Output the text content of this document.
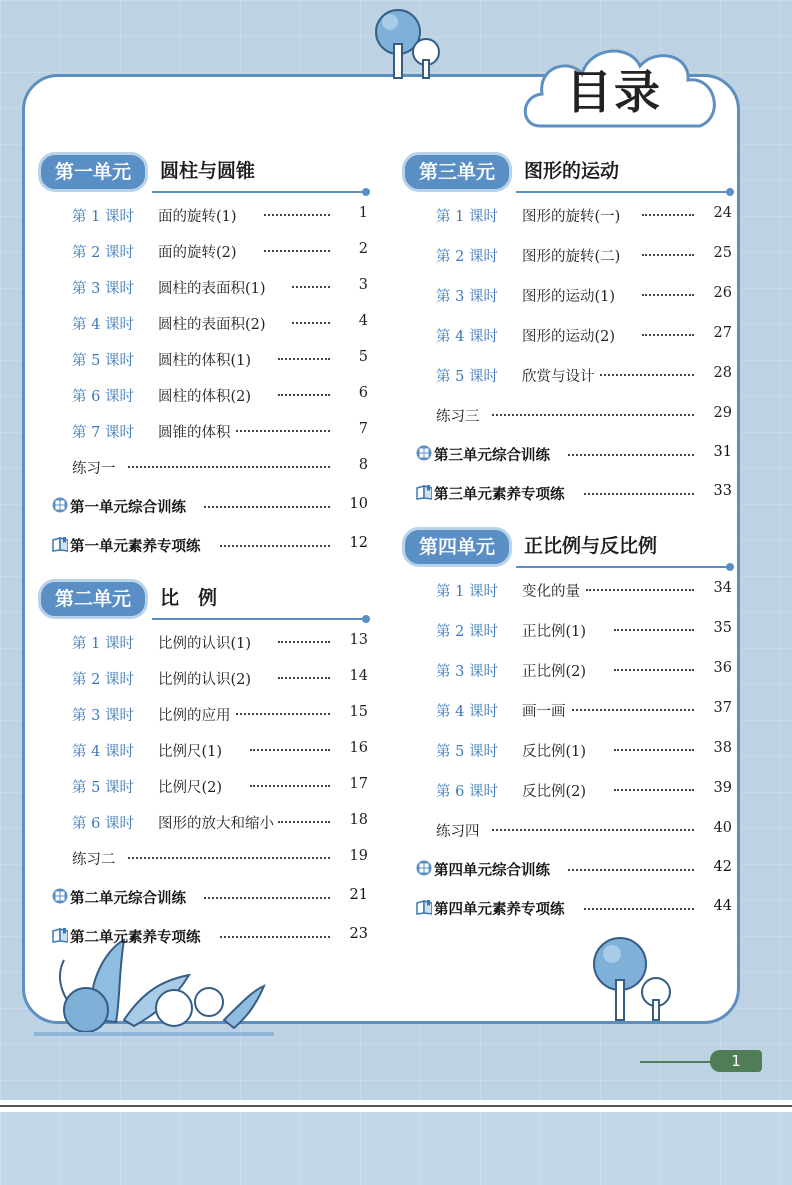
目录
1
第一单元	圆柱与圆锥
第 1 课时 面的旋转(1)	1
第 2 课时 面的旋转(2)	2
第 3 课时 圆柱的表面积(1)	3
第 4 课时 圆柱的表面积(2)	4
第 5 课时 圆柱的体积(1)	5
第 6 课时 圆柱的体积(2)	6
第 7 课时 圆锥的体积	7
练习一	8
第一单元综合训练	10
第一单元素养专项练	12
第二单元	比　例
第 1 课时 比例的认识(1)	13
第 2 课时 比例的认识(2)	14
第 3 课时 比例的应用	15
第 4 课时 比例尺(1)	16
第 5 课时 比例尺(2)	17
第 6 课时 图形的放大和缩小	18
练习二	19
第二单元综合训练	21
第二单元素养专项练	23
第三单元	图形的运动
第 1 课时 图形的旋转(一)	24
第 2 课时 图形的旋转(二)	25
第 3 课时 图形的运动(1)	26
第 4 课时 图形的运动(2)	27
第 5 课时 欣赏与设计	28
练习三	29
第三单元综合训练	31
第三单元素养专项练	33
第四单元	正比例与反比例
第 1 课时 变化的量	34
第 2 课时 正比例(1)	35
第 3 课时 正比例(2)	36
第 4 课时 画一画	37
第 5 课时 反比例(1)	38
第 6 课时 反比例(2)	39
练习四	40
第四单元综合训练	42
第四单元素养专项练	44
